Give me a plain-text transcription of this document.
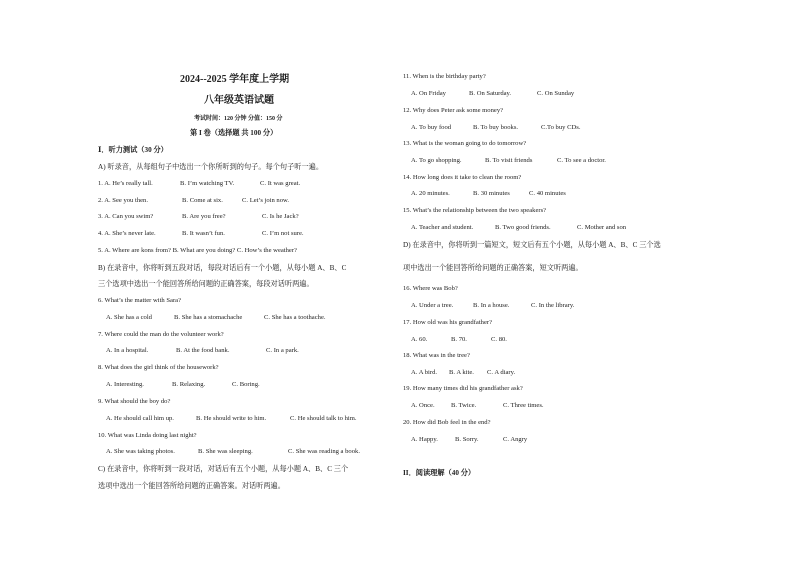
2024--2025 学年度上学期
八年级英语试题
考试时间：120 分钟 分值：150 分
第 I 卷（选择题 共 100 分）
Ⅰ．听力测试（30 分）
A) 听录音，从每组句子中选出一个你所听到的句子。每个句子听一遍。
1. A. He’s really tall.	B. I’m watching TV.	C. It was great.
2. A. See you then.	B. Come at six.	C. Let’s join now.
3. A. Can you swim?	B. Are you free?	C. Is he Jack?
4. A. She’s never late.	B. It wasn’t fun.	C. I’m not sure.
5. A. Where are kons from? B. What are you doing? C. How’s the weather?
B) 在录音中，你将听到五段对话，每段对话后有一个小题，从每小题 A、B、C
三个选项中选出一个能回答所给问题的正确答案，每段对话听两遍。
6. What’s the matter with Sara?
A. She has a cold	B. She has a stomachache	C. She has a toothache.
7. Where could the man do the volunteer work?
A. In a hospital.	B. At the food bank.	C. In a park.
8. What does the girl think of the housework?
A. Interesting.	B. Relaxing.	C. Boring.
9. What should the boy do?
A. He should call him up.	B. He should write to him.	C. He should talk to him.
10. What was Linda doing last night?
A. She was taking photos.	B. She was sleeping.	C. She was reading a book.
C) 在录音中，你将听到一段对话，对话后有五个小题，从每小题 A、B、C 三个
选项中选出一个能回答所给问题的正确答案。对话听两遍。
11. When is the birthday party?
A. On Friday	B. On Saturday.	C. On Sunday
12. Why does Peter ask some money?
A. To buy food	B. To buy books.	C.To buy CDs.
13. What is the woman going to do tomorrow?
A. To go shopping.	B. To visit friends	C. To see a doctor.
14. How long does it take to clean the room?
A. 20 minutes.	B. 30 minutes	C. 40 minutes
15. What’s the relationship between the two speakers?
A. Teacher and student.	B. Two good friends.	C. Mother and son
D) 在录音中，你将听到一篇短文，短文后有五个小题，从每小题 A、B、C 三个选
项中选出一个能回答所给问题的正确答案，短文听两遍。
16. Where was Bob?
A. Under a tree.	B. In a house.	C. In the library.
17. How old was his grandfather?
A. 60.	B. 70.	C. 80.
18. What was in the tree?
A. A bird. B. A kite. C. A diary.
19. How many times did his grandfather ask?
A. Once. B. Twice.	C. Three times.
20. How did Bob feel in the end?
A. Happy.	B. Sorry.	C. Angry
II．阅读理解（40 分）
